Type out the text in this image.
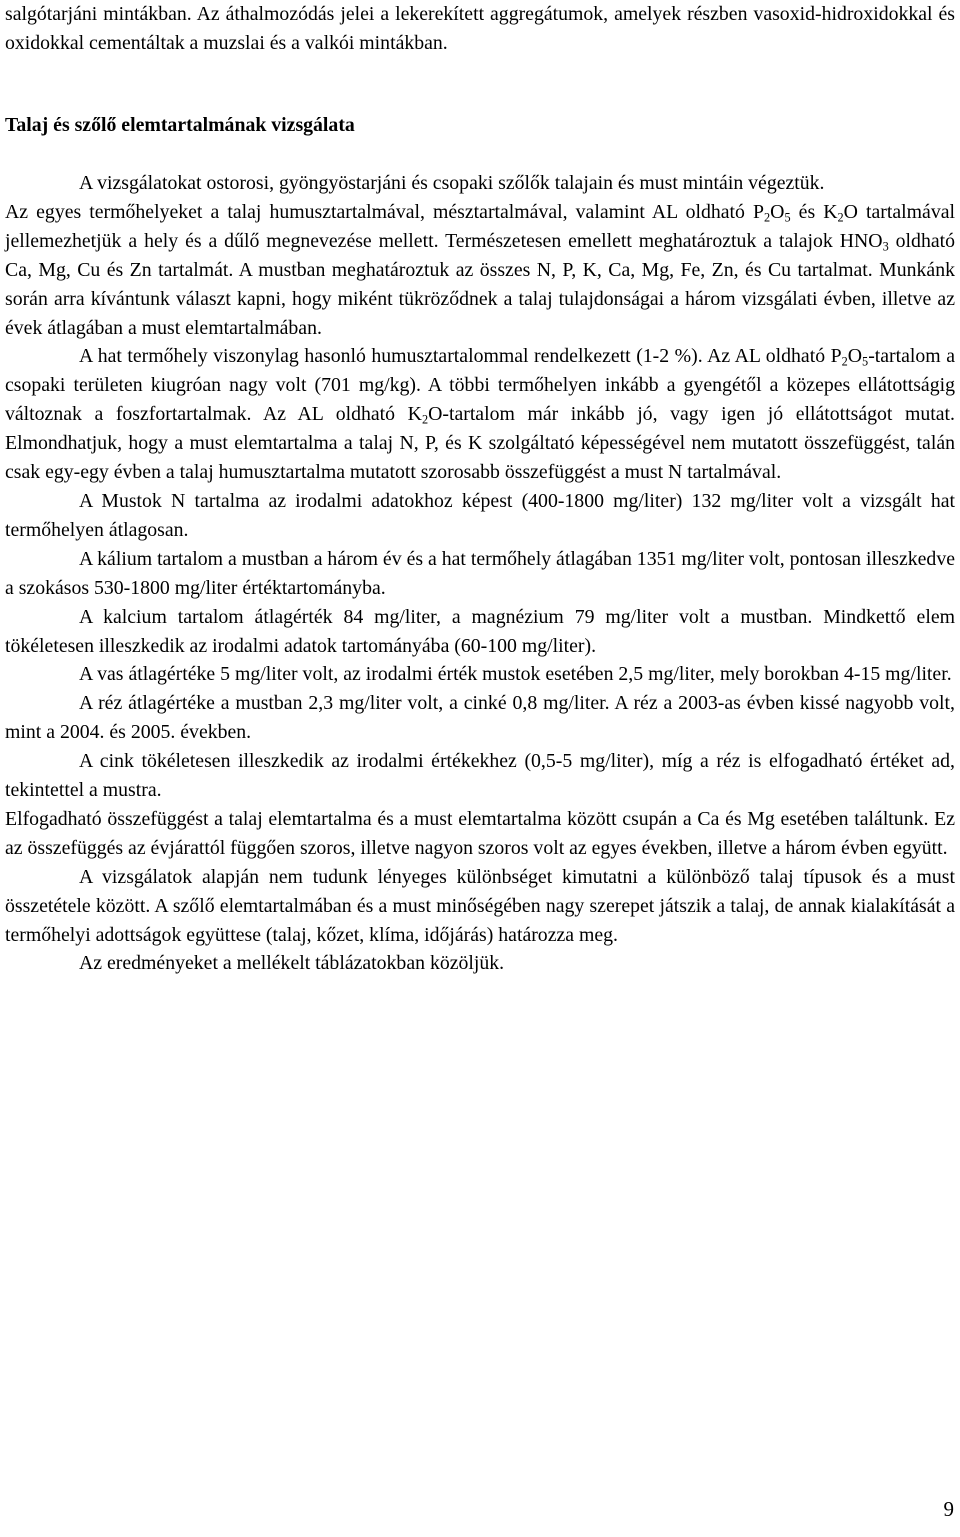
salgótarjáni mintákban. Az áthalmozódás jelei a lekerekített aggregátumok, amelyek részben vasoxid-hidroxidokkal és oxidokkal cementáltak a muzslai és a valkói mintákban.

Talaj és szőlő elemtartalmának vizsgálata

A vizsgálatokat ostorosi, gyöngyöstarjáni és csopaki szőlők talajain és must mintáin végeztük.

Az egyes termőhelyeket a talaj humusztartalmával, mésztartalmával, valamint AL oldható $P_2O_5$ és $K_2O$ tartalmával jellemezhetjük a hely és a dűlő megnevezése mellett. Természetesen emellett meghatároztuk a talajok $HNO_3$ oldható Ca, Mg, Cu és Zn tartalmát. A mustban meghatároztuk az összes N, P, K, Ca, Mg, Fe, Zn, és Cu tartalmat. Munkánk során arra kívántunk választ kapni, hogy miként tükröződnek a talaj tulajdonságai a három vizsgálati évben, illetve az évek átlagában a must elemtartalmában.

A hat termőhely viszonylag hasonló humusztartalommal rendelkezett (1-2 %). Az AL oldható $P_2O_5$-tartalom a csopaki területen kiugróan nagy volt (701 mg/kg). A többi termőhelyen inkább a gyengétől a közepes ellátottságig változnak a foszfortartalmak. Az AL oldható $K_2O$-tartalom már inkább jó, vagy igen jó ellátottságot mutat. Elmondhatjuk, hogy a must elemtartalma a talaj N, P, és K szolgáltató képességével nem mutatott összefüggést, talán csak egy-egy évben a talaj humusztartalma mutatott szorosabb összefüggést a must N tartalmával.

A Mustok N tartalma az irodalmi adatokhoz képest (400-1800 mg/liter) 132 mg/liter volt a vizsgált hat termőhelyen átlagosan.

A kálium tartalom a mustban a három év és a hat termőhely átlagában 1351 mg/liter volt, pontosan illeszkedve a szokásos 530-1800 mg/liter értéktartományba.

A kalcium tartalom átlagérték 84 mg/liter, a magnézium 79 mg/liter volt a mustban. Mindkettő elem tökéletesen illeszkedik az irodalmi adatok tartományába (60-100 mg/liter).

A vas átlagértéke 5 mg/liter volt, az irodalmi érték mustok esetében 2,5 mg/liter, mely borokban 4-15 mg/liter.

A réz átlagértéke a mustban 2,3 mg/liter volt, a cinké 0,8 mg/liter. A réz a 2003-as évben kissé nagyobb volt, mint a 2004. és 2005. években.

A cink tökéletesen illeszkedik az irodalmi értékekhez (0,5-5 mg/liter), míg a réz is elfogadható értéket ad, tekintettel a mustra.

Elfogadható összefüggést a talaj elemtartalma és a must elemtartalma között csupán a Ca és Mg esetében találtunk. Ez az összefüggés az évjárattól függően szoros, illetve nagyon szoros volt az egyes években, illetve a három évben együtt.

A vizsgálatok alapján nem tudunk lényeges különbséget kimutatni a különböző talaj típusok és a must összetétele között. A szőlő elemtartalmában és a must minőségében nagy szerepet játszik a talaj, de annak kialakítását a termőhelyi adottságok együttese (talaj, kőzet, klíma, időjárás) határozza meg.

Az eredményeket a mellékelt táblázatokban közöljük.

9
